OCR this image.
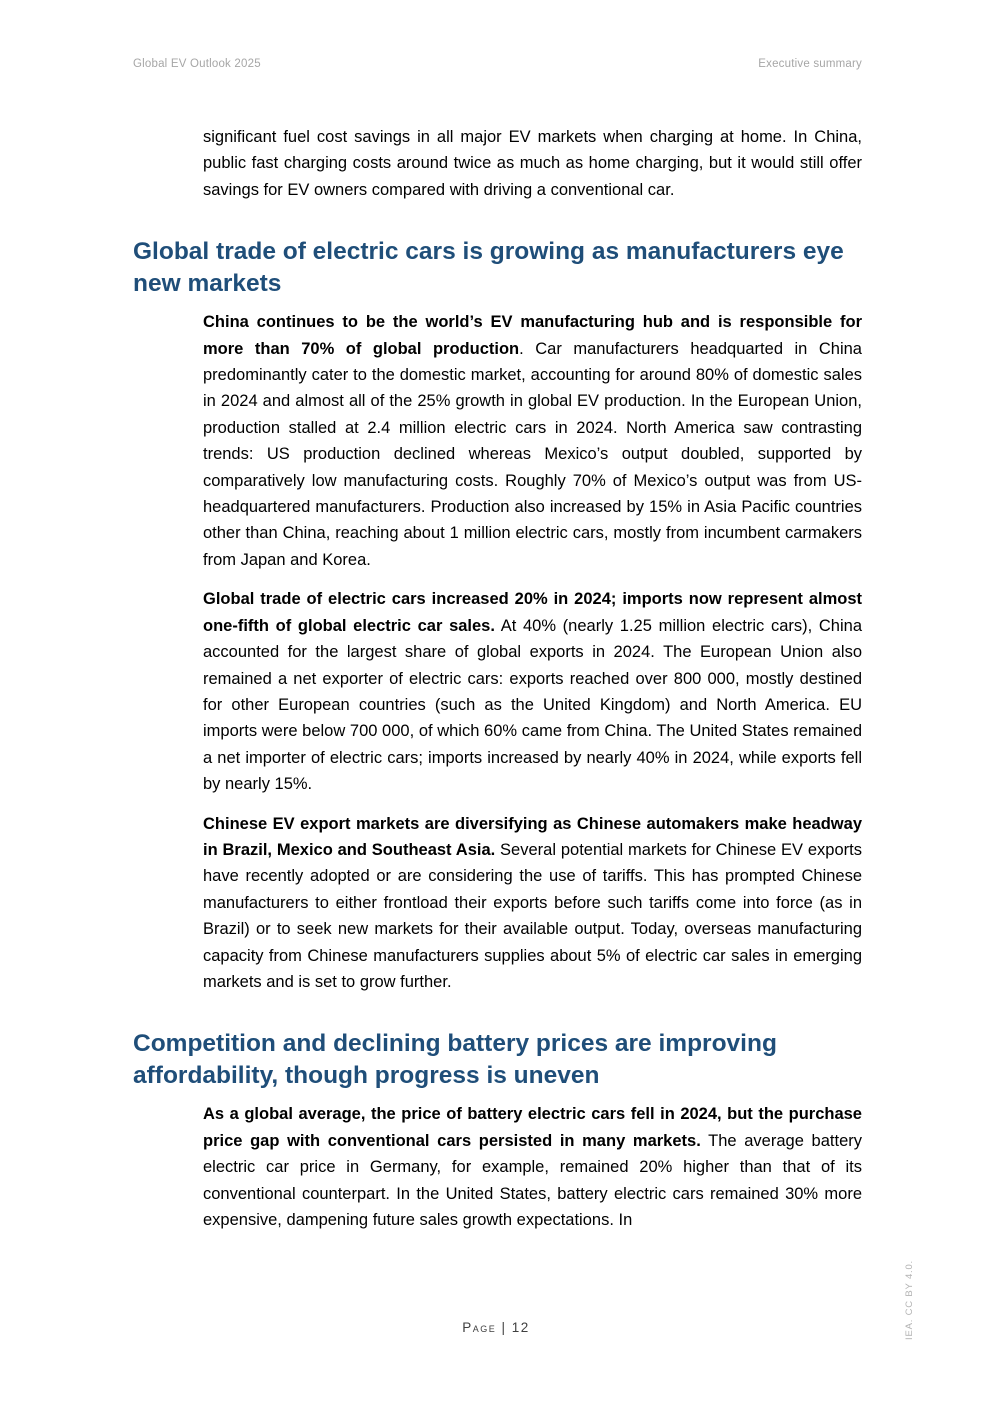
Global EV Outlook 2025	Executive summary

significant fuel cost savings in all major EV markets when charging at home. In China, public fast charging costs around twice as much as home charging, but it would still offer savings for EV owners compared with driving a conventional car.

Global trade of electric cars is growing as manufacturers eye new markets

China continues to be the world’s EV manufacturing hub and is responsible for more than 70% of global production. Car manufacturers headquarted in China predominantly cater to the domestic market, accounting for around 80% of domestic sales in 2024 and almost all of the 25% growth in global EV production. In the European Union, production stalled at 2.4 million electric cars in 2024. North America saw contrasting trends: US production declined whereas Mexico’s output doubled, supported by comparatively low manufacturing costs. Roughly 70% of Mexico’s output was from US-headquartered manufacturers. Production also increased by 15% in Asia Pacific countries other than China, reaching about 1 million electric cars, mostly from incumbent carmakers from Japan and Korea.

Global trade of electric cars increased 20% in 2024; imports now represent almost one-fifth of global electric car sales. At 40% (nearly 1.25 million electric cars), China accounted for the largest share of global exports in 2024. The European Union also remained a net exporter of electric cars: exports reached over 800 000, mostly destined for other European countries (such as the United Kingdom) and North America. EU imports were below 700 000, of which 60% came from China. The United States remained a net importer of electric cars; imports increased by nearly 40% in 2024, while exports fell by nearly 15%.

Chinese EV export markets are diversifying as Chinese automakers make headway in Brazil, Mexico and Southeast Asia. Several potential markets for Chinese EV exports have recently adopted or are considering the use of tariffs. This has prompted Chinese manufacturers to either frontload their exports before such tariffs come into force (as in Brazil) or to seek new markets for their available output. Today, overseas manufacturing capacity from Chinese manufacturers supplies about 5% of electric car sales in emerging markets and is set to grow further.

Competition and declining battery prices are improving affordability, though progress is uneven

As a global average, the price of battery electric cars fell in 2024, but the purchase price gap with conventional cars persisted in many markets. The average battery electric car price in Germany, for example, remained 20% higher than that of its conventional counterpart. In the United States, battery electric cars remained 30% more expensive, dampening future sales growth expectations. In

Page | 12	IEA. CC BY 4.0.
